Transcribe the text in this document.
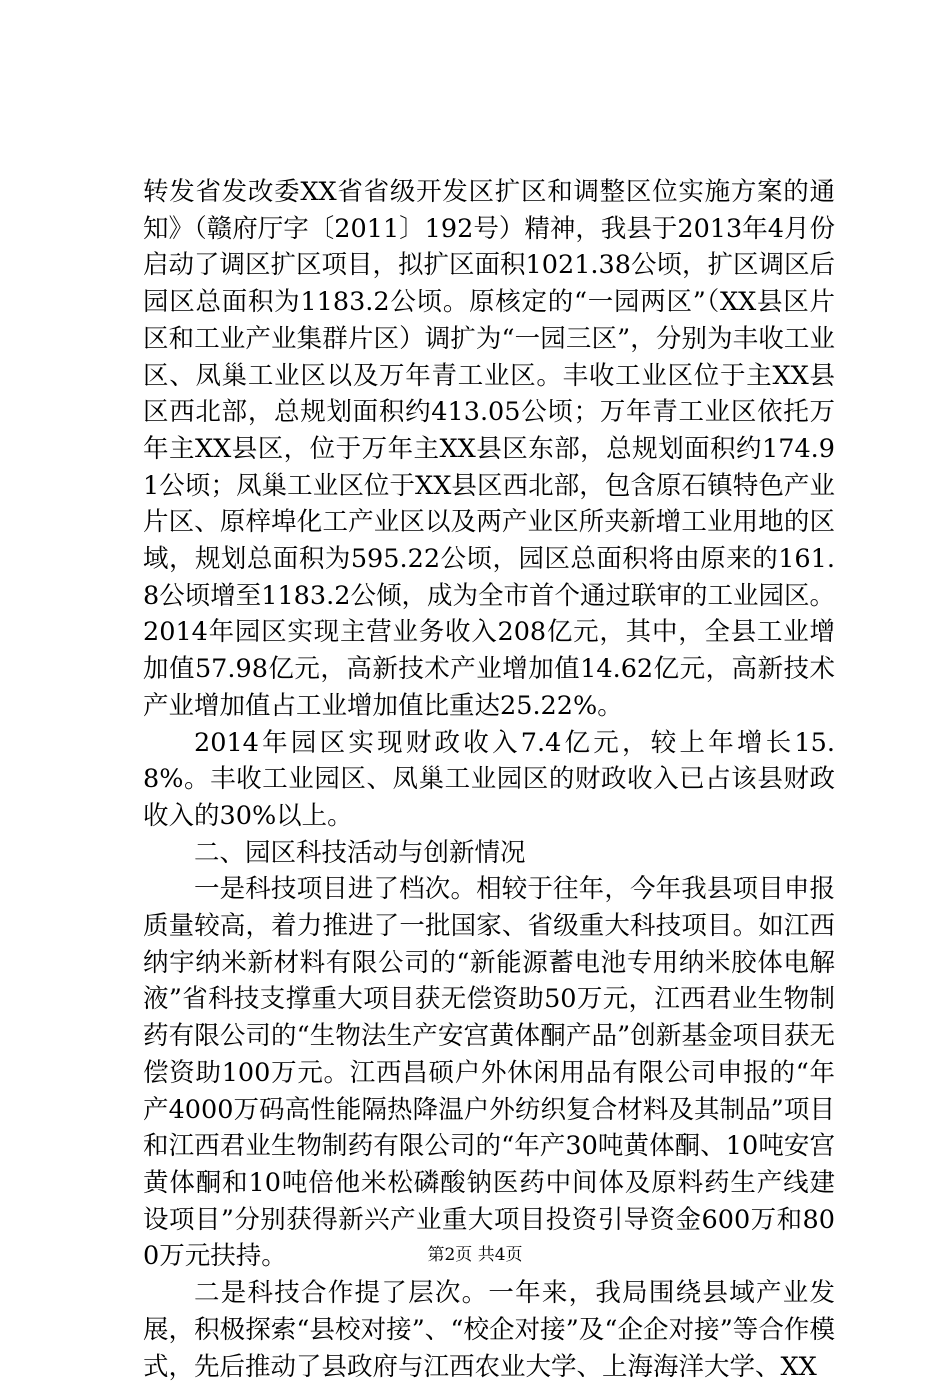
转发省发改委XX省省级开发区扩区和调整区位实施方案的通知》（赣府厅字〔2011〕192号）精神，我县于2013年4月份启动了调区扩区项目，拟扩区面积1021.38公顷，扩区调区后园区总面积为1183.2公顷。原核定的“一园两区”（XX县区片区和工业产业集群片区）调扩为“一园三区”，分别为丰收工业区、凤巢工业区以及万年青工业区。丰收工业区位于主XX县区西北部，总规划面积约413.05公顷；万年青工业区依托万年主XX县区，位于万年主XX县区东部，总规划面积约174.91公顷；凤巢工业区位于XX县区西北部，包含原石镇特色产业片区、原梓埠化工产业区以及两产业区所夹新增工业用地的区域，规划总面积为595.22公顷，园区总面积将由原来的161.8公顷增至1183.2公倾，成为全市首个通过联审的工业园区。2014年园区实现主营业务收入208亿元，其中，全县工业增加值57.98亿元，高新技术产业增加值14.62亿元，高新技术产业增加值占工业增加值比重达25.22%。

2014年园区实现财政收入7.4亿元，较上年增长15.8%。丰收工业园区、凤巢工业园区的财政收入已占该县财政收入的30%以上。

二、园区科技活动与创新情况

一是科技项目进了档次。相较于往年，今年我县项目申报质量较高，着力推进了一批国家、省级重大科技项目。如江西纳宇纳米新材料有限公司的“新能源蓄电池专用纳米胶体电解液”省科技支撑重大项目获无偿资助50万元，江西君业生物制药有限公司的“生物法生产安宫黄体酮产品”创新基金项目获无偿资助100万元。江西昌硕户外休闲用品有限公司申报的“年产4000万码高性能隔热降温户外纺织复合材料及其制品”项目和江西君业生物制药有限公司的“年产30吨黄体酮、10吨安宫黄体酮和10吨倍他米松磷酸钠医药中间体及原料药生产线建设项目”分别获得新兴产业重大项目投资引导资金600万和800万元扶持。

二是科技合作提了层次。一年来，我局围绕县域产业发展，积极探索“县校对接”、“校企对接”及“企企对接”等合作模式，先后推动了县政府与江西农业大学、上海海洋大学、XX

第2页 共4页
